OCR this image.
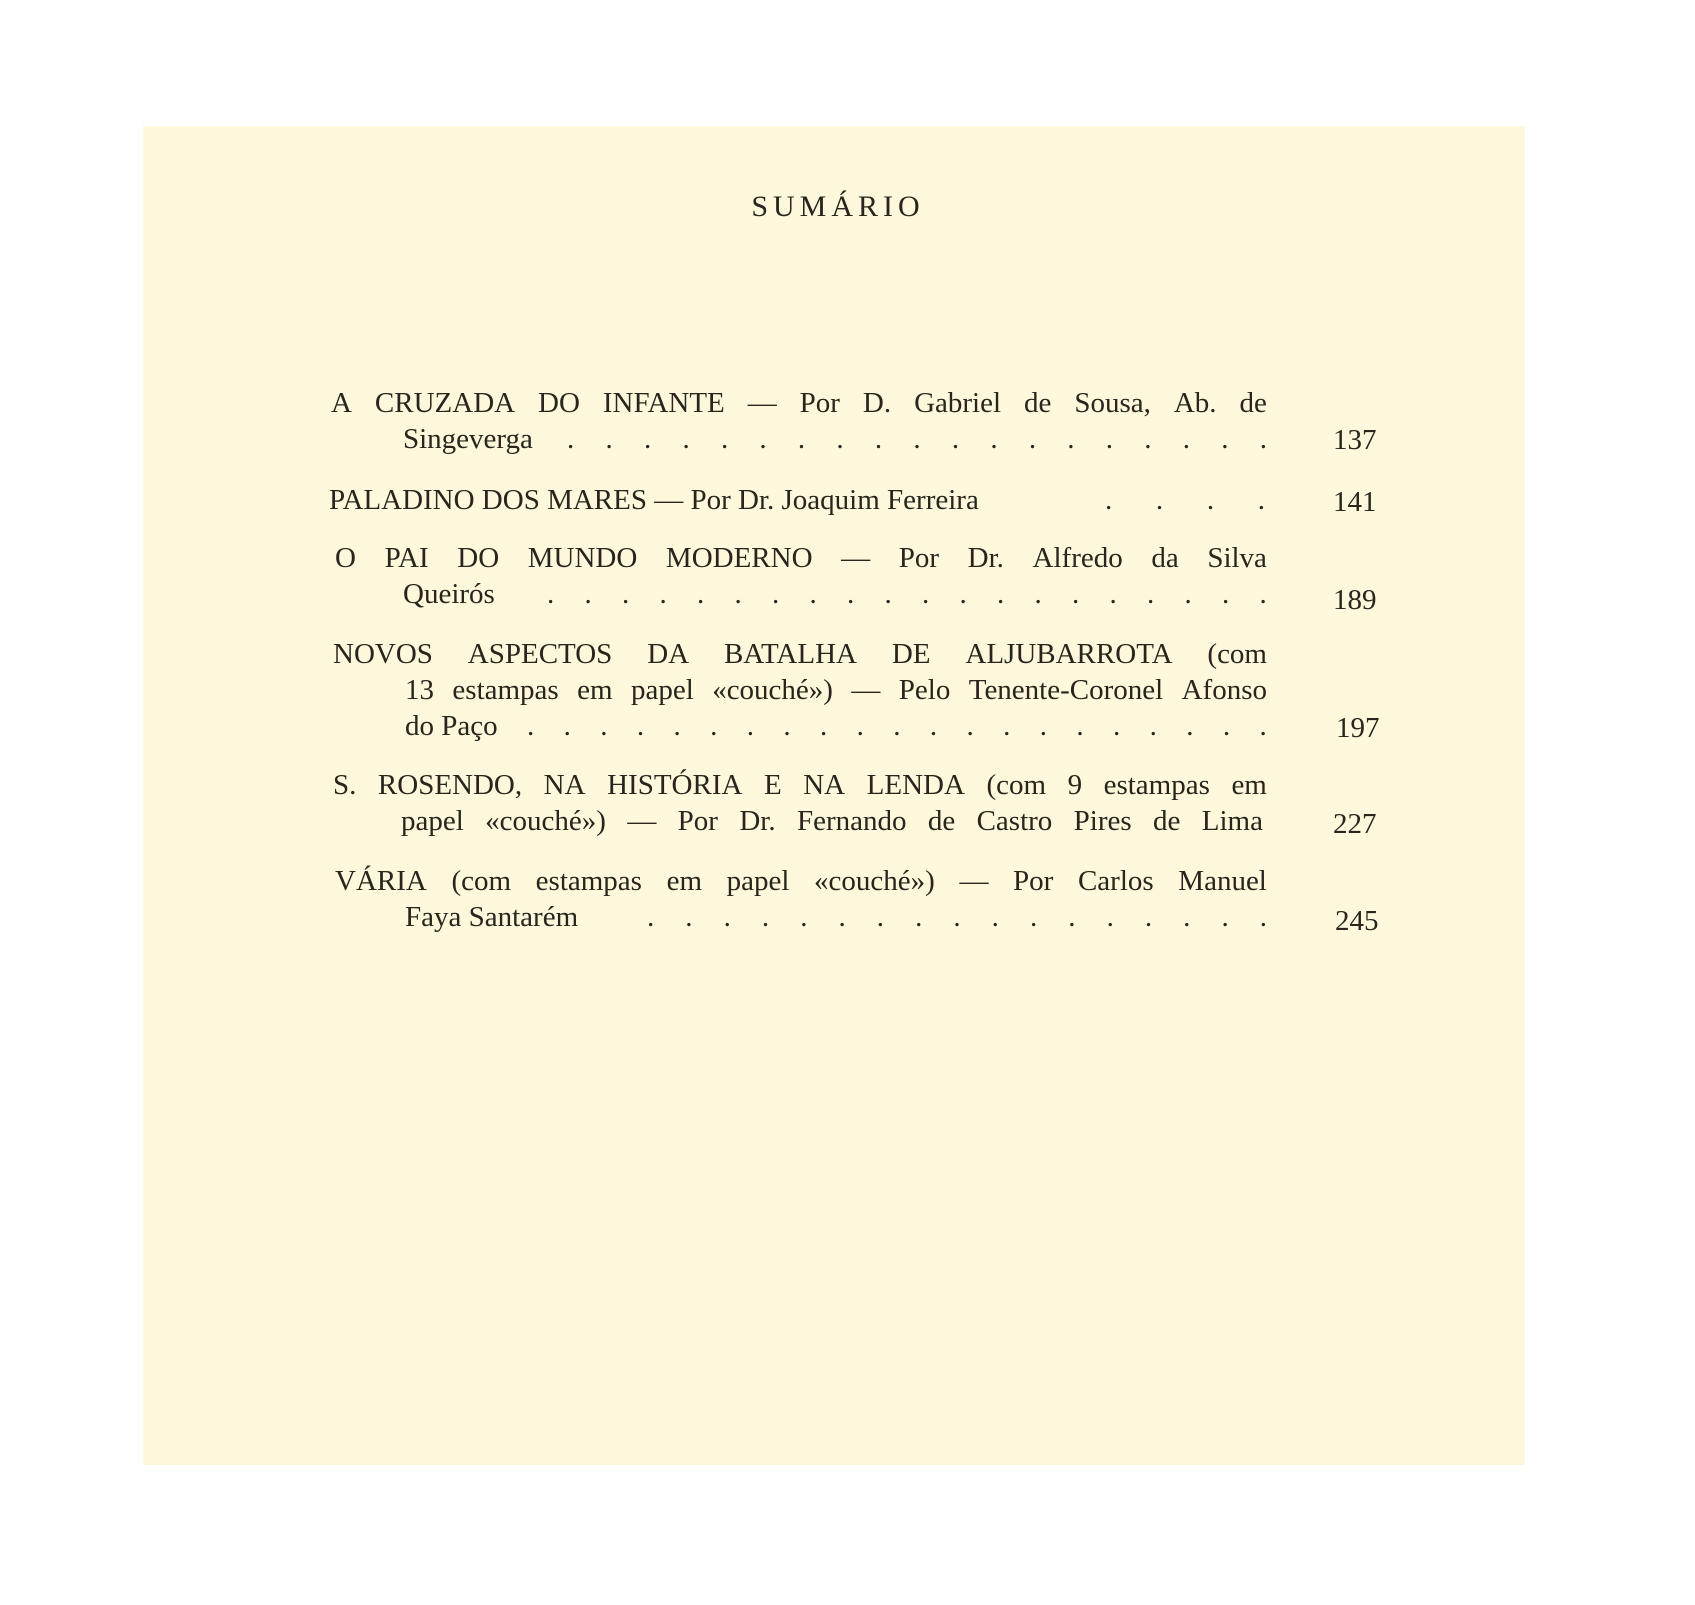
SUMÁRIO
A CRUZADA DO INFANTE — Por D. Gabriel de Sousa, Ab. de
Singeverga . . . . . . . . . . . . . . . . . . . 137
PALADINO DOS MARES — Por Dr. Joaquim Ferreira	. . . . 141
O PAI DO MUNDO MODERNO — Por Dr. Alfredo da Silva
Queirós . . . . . . . . . . . . . . . . . . . . 189
NOVOS ASPECTOS DA BATALHA DE ALJUBARROTA (com
13 estampas em papel «couché») — Pelo Tenente-Coronel Afonso
do Paço . . . . . . . . . . . . . . . . . . . . . 197
S. ROSENDO, NA HISTÓRIA E NA LENDA (com 9 estampas em
papel «couché») — Por Dr. Fernando de Castro Pires de Lima 227
VÁRIA (com estampas em papel «couché») — Por Carlos Manuel
Faya Santarém . . . . . . . . . . . . . . . . . 245
